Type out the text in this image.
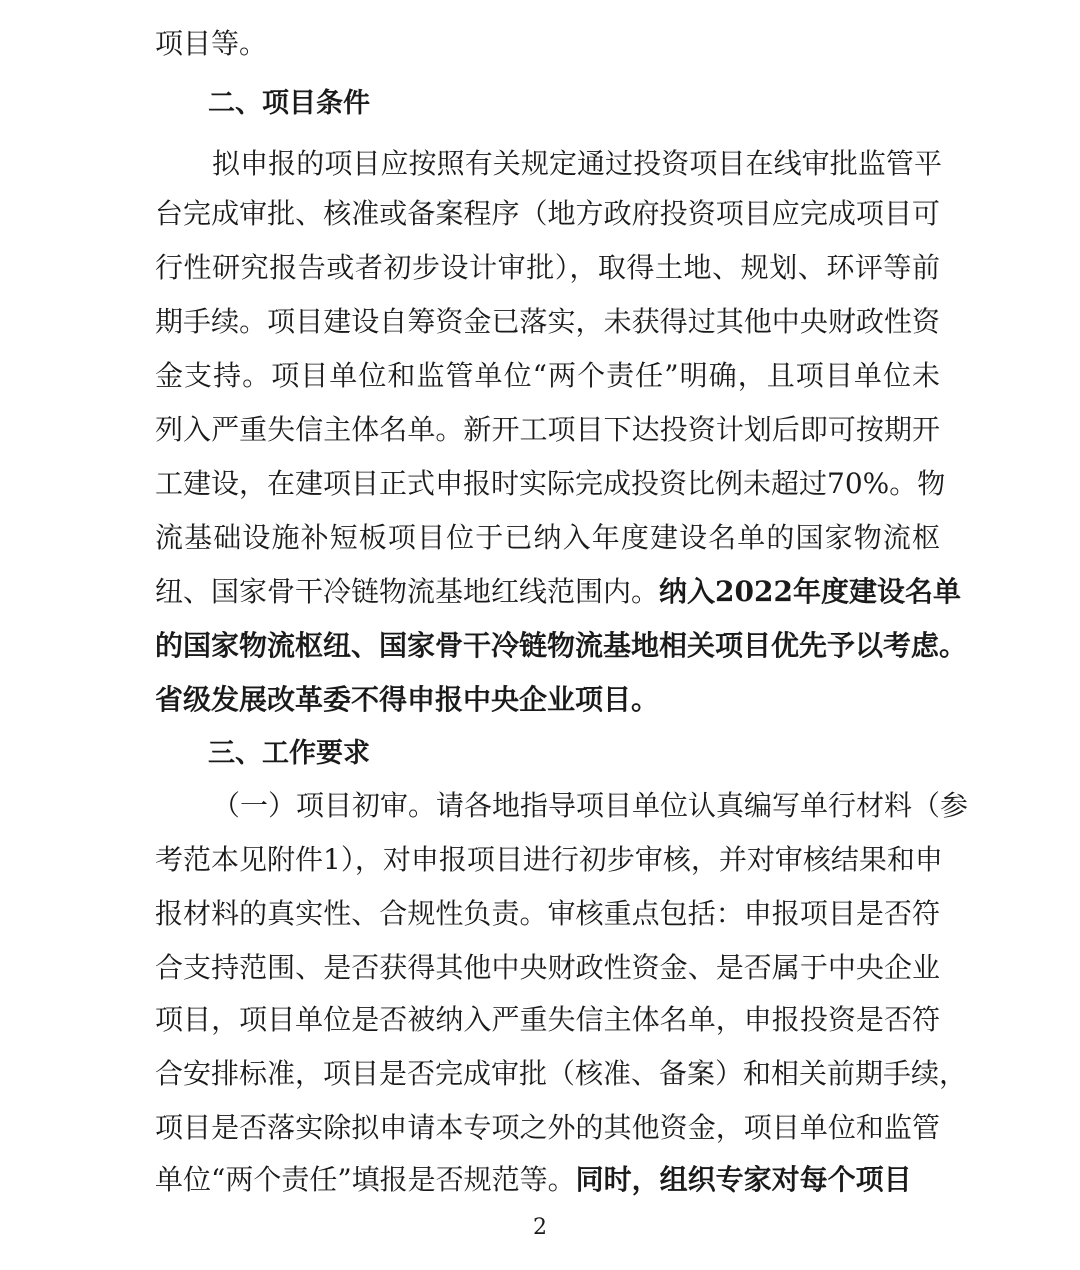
项目等。
二、项目条件
拟申报的项目应按照有关规定通过投资项目在线审批监管平
台完成审批、核准或备案程序（地方政府投资项目应完成项目可
行性研究报告或者初步设计审批），取得土地、规划、环评等前
期手续。项目建设自筹资金已落实，未获得过其他中央财政性资
金支持。项目单位和监管单位“两个责任”明确，且项目单位未
列入严重失信主体名单。新开工项目下达投资计划后即可按期开
工建设，在建项目正式申报时实际完成投资比例未超过70%。物
流基础设施补短板项目位于已纳入年度建设名单的国家物流枢
纽、国家骨干冷链物流基地红线范围内。纳入2022年度建设名单
的国家物流枢纽、国家骨干冷链物流基地相关项目优先予以考虑。
省级发展改革委不得申报中央企业项目。
三、工作要求
（一）项目初审。请各地指导项目单位认真编写单行材料（参
考范本见附件1），对申报项目进行初步审核，并对审核结果和申
报材料的真实性、合规性负责。审核重点包括：申报项目是否符
合支持范围、是否获得其他中央财政性资金、是否属于中央企业
项目，项目单位是否被纳入严重失信主体名单，申报投资是否符
合安排标准，项目是否完成审批（核准、备案）和相关前期手续，
项目是否落实除拟申请本专项之外的其他资金，项目单位和监管
单位“两个责任”填报是否规范等。同时，组织专家对每个项目
2
